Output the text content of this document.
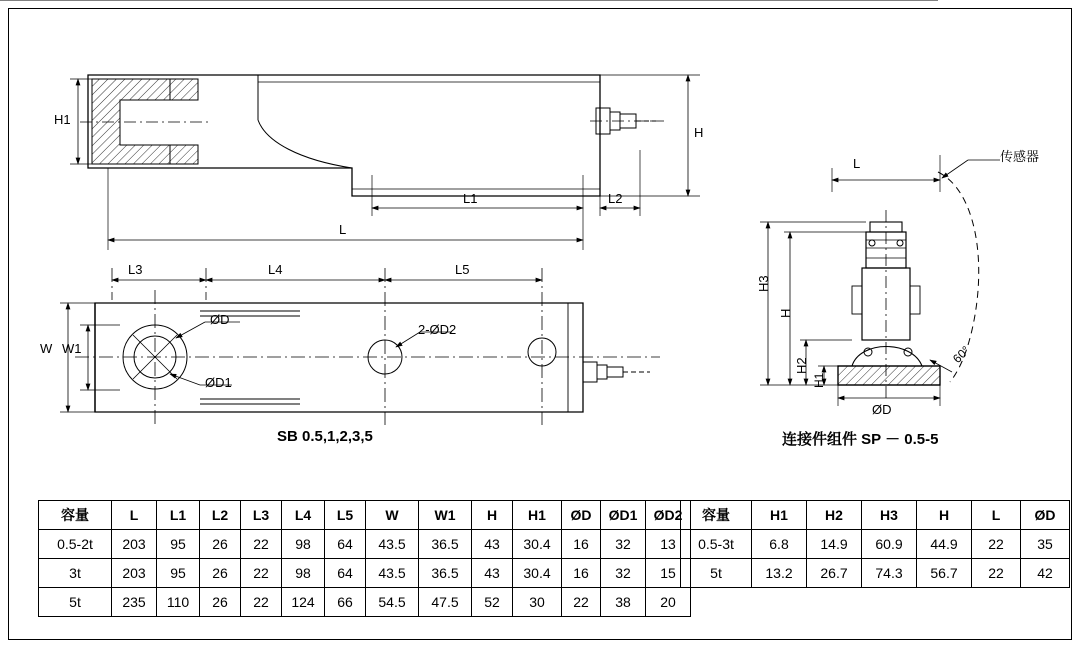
H1
H
L1	L2
L
L3	L4	L5
W W1
ØD
ØD1
2-ØD2
L
H3
H
H2
H1
ØD
60°
传感器
SB 0.5,1,2,3,5	连接件组件 SP － 0.5-5
容量	L	L1	L2	L3	L4	L5	W	W1	H	H1	ØD	ØD1	ØD2
0.5-2t	203	95	26	22	98	64	43.5	36.5	43	30.4	16	32	13
3t	203	95	26	22	98	64	43.5	36.5	43	30.4	16	32	15
5t	235	110	26	22	124	66	54.5	47.5	52	30	22	38	20
容量	H1	H2	H3	H	L	ØD
0.5-3t	6.8	14.9	60.9	44.9	22	35
5t	13.2	26.7	74.3	56.7	22	42
